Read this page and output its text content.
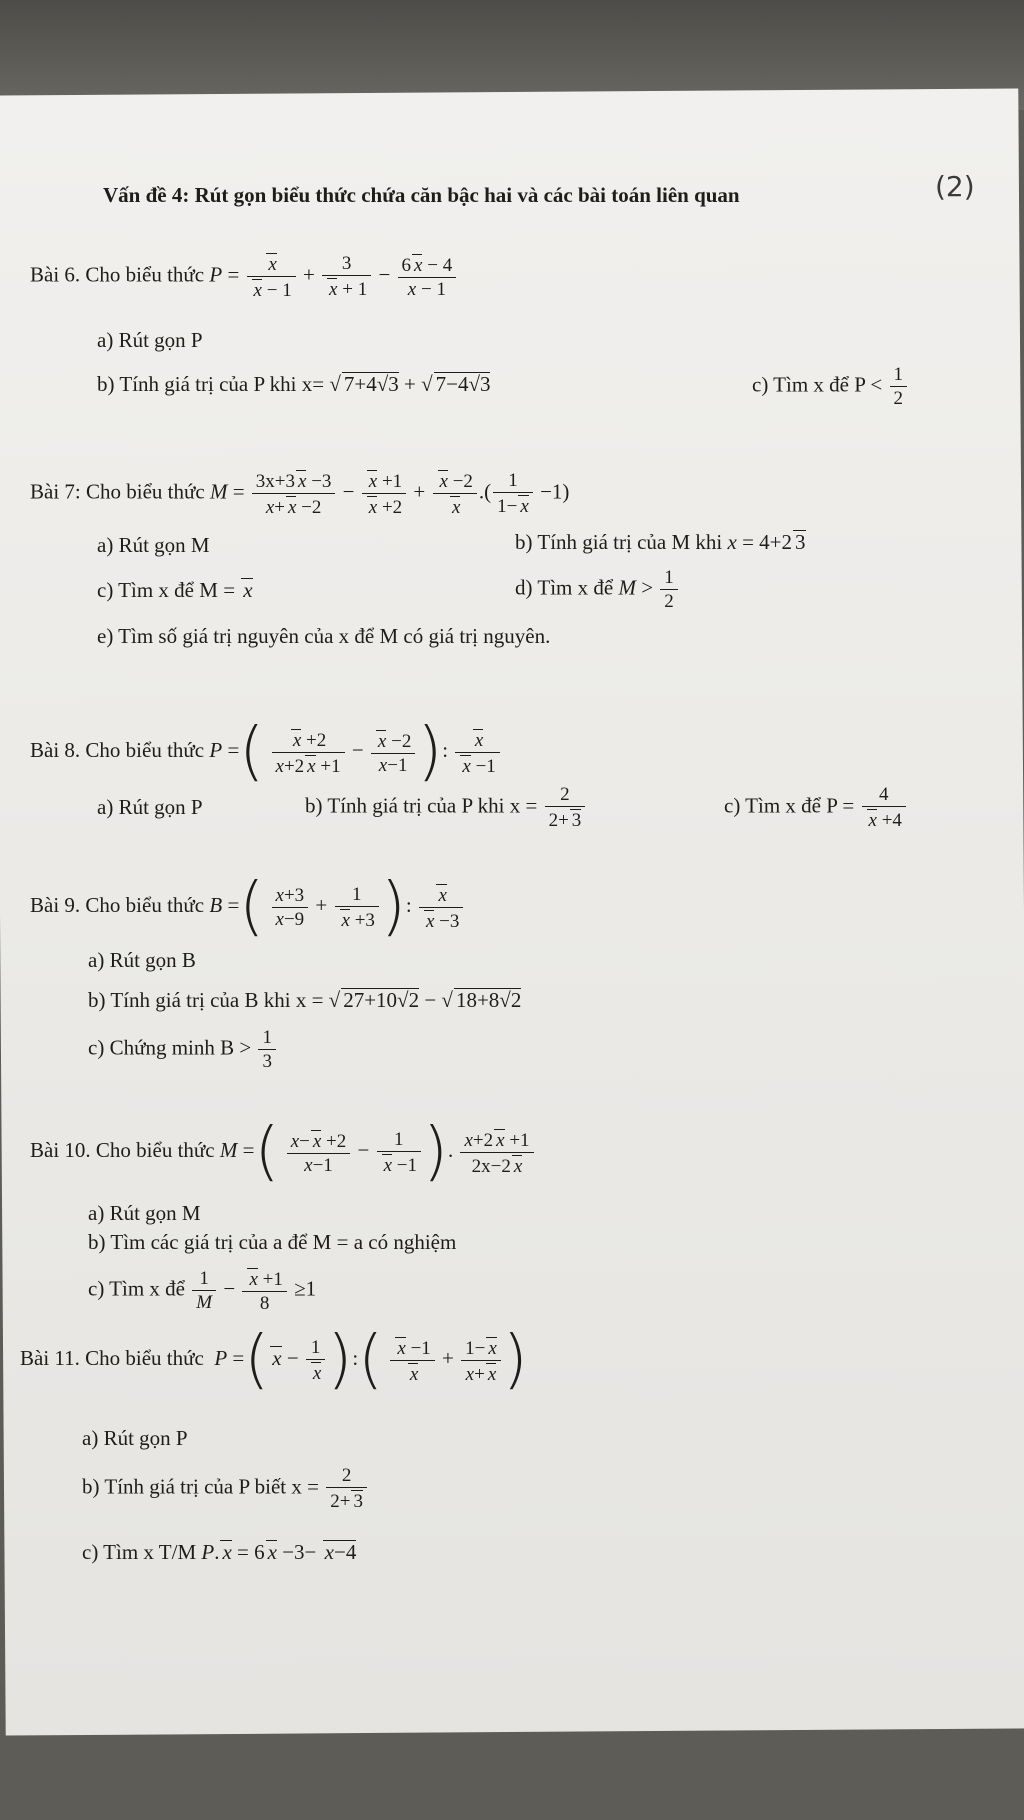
Vấn đề 4: Rút gọn biểu thức chứa căn bậc hai và các bài toán liên quan	(2)
Bài 6. Cho biểu thức $P = \frac{x}{x - 1} + \frac{3}{x + 1} - \frac{6 x - 4}{x - 1}$
a) Rút gọn P
b) Tính giá trị của P khi x= √ 7+4√3 + √ 7−4√3	c) Tìm x để $P < \frac{1}{2}$
Bài 7: Cho biểu thức $M = \frac{3x+3 x -3}{x+ x -2} - \frac{x +1}{x +2} + \frac{x -2}{x}$ .( $\frac{1}{1- x} -1$)
a) Rút gọn M	b) Tính giá trị của M khi x = 4+2 3
c) Tìm x để M = x	d) Tìm x để $M > \frac{1}{2}$
e) Tìm số giá trị nguyên của x để M có giá trị nguyên.
Bài 8. Cho biểu thức P =( $\frac{x +2}{x+2 x +1} - \frac{x -2}{x-1}$ ): $\frac{x}{x -1}$
a) Rút gọn P	b) Tính giá trị của P khi $x = \frac{2}{2+ 3}$	c) Tìm x để $P = \frac{4}{x +4}$
Bài 9. Cho biểu thức B =( $\frac{x+3}{x-9} + \frac{1}{x +3}$ ): $\frac{x}{x -3}$
a) Rút gọn B
b) Tính giá trị của B khi x = √ 27+10√2 − √ 18+8√2
c) Chứng minh $B > \frac{1}{3}$
Bài 10. Cho biểu thức M =( $\frac{x- x +2}{x-1} - \frac{1}{x -1}$ ). $\frac{x+2 x +1}{2x-2 x}$
a) Rút gọn M
b) Tìm các giá trị của a để M = a có nghiệm
c) Tìm x để $\frac{1}{M} - \frac{x +1}{8} \ge 1$
Bài 11. Cho biểu thức P =( $x - \frac{1}{x}$ ):( $\frac{x -1}{x} + \frac{1- x}{x+ x}$ )
a) Rút gọn P
b) Tính giá trị của P biết $x = \frac{2}{2+ 3}$
c) Tìm x T/M P. x = 6 x −3− x−4
